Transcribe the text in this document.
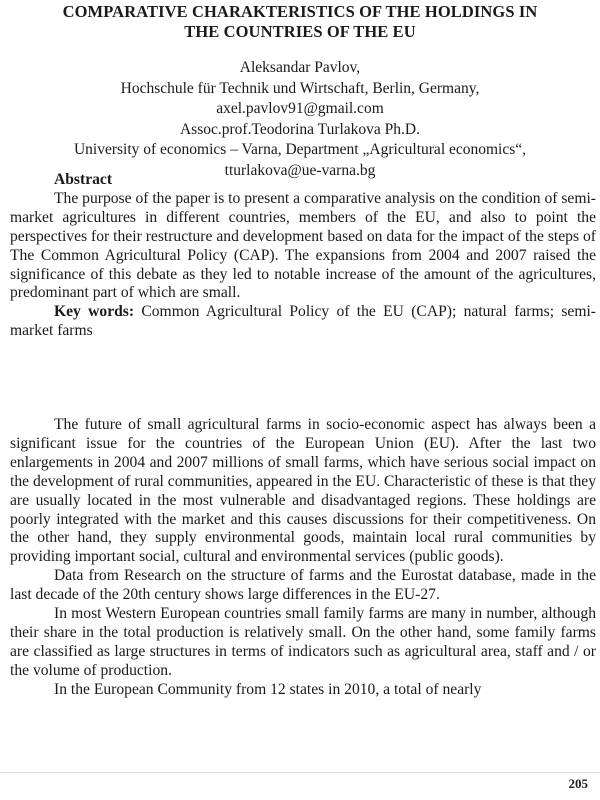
COMPARATIVE CHARAKTERISTICS OF THE HOLDINGS IN
THE COUNTRIES OF THE EU
Aleksandar Pavlov,
Hochschule für Technik und Wirtschaft, Berlin, Germany,
axel.pavlov91@gmail.com
Assoc.prof.Teodorina Turlakova Ph.D.
University of economics – Varna, Department „Agricultural economics“,
tturlakova@ue-varna.bg
Abstract

The purpose of the paper is to present a comparative analysis on the condition of semi-market agricultures in different countries, members of the EU, and also to point the perspectives for their restructure and development based on data for the impact of the steps of The Common Agricultural Policy (CAP). The expansions from 2004 and 2007 raised the significance of this debate as they led to notable increase of the amount of the agricultures, predominant part of which are small.

Key words: Common Agricultural Policy of the EU (CAP); natural farms; semi-market farms

The future of small agricultural farms in socio-economic aspect has always been a significant issue for the countries of the European Union (EU). After the last two enlargements in 2004 and 2007 millions of small farms, which have serious social impact on the development of rural communities, appeared in the EU. Characteristic of these is that they are usually located in the most vulnerable and disadvantaged regions. These holdings are poorly integrated with the market and this causes discussions for their competitiveness. On the other hand, they supply environmental goods, maintain local rural communities by providing important social, cultural and environmental services (public goods).

Data from Research on the structure of farms and the Eurostat database, made in the last decade of the 20th century shows large differences in the EU-27.

In most Western European countries small family farms are many in number, although their share in the total production is relatively small. On the other hand, some family farms are classified as large structures in terms of indicators such as agricultural area, staff and / or the volume of production.

In the European Community from 12 states in 2010, a total of nearly

205
